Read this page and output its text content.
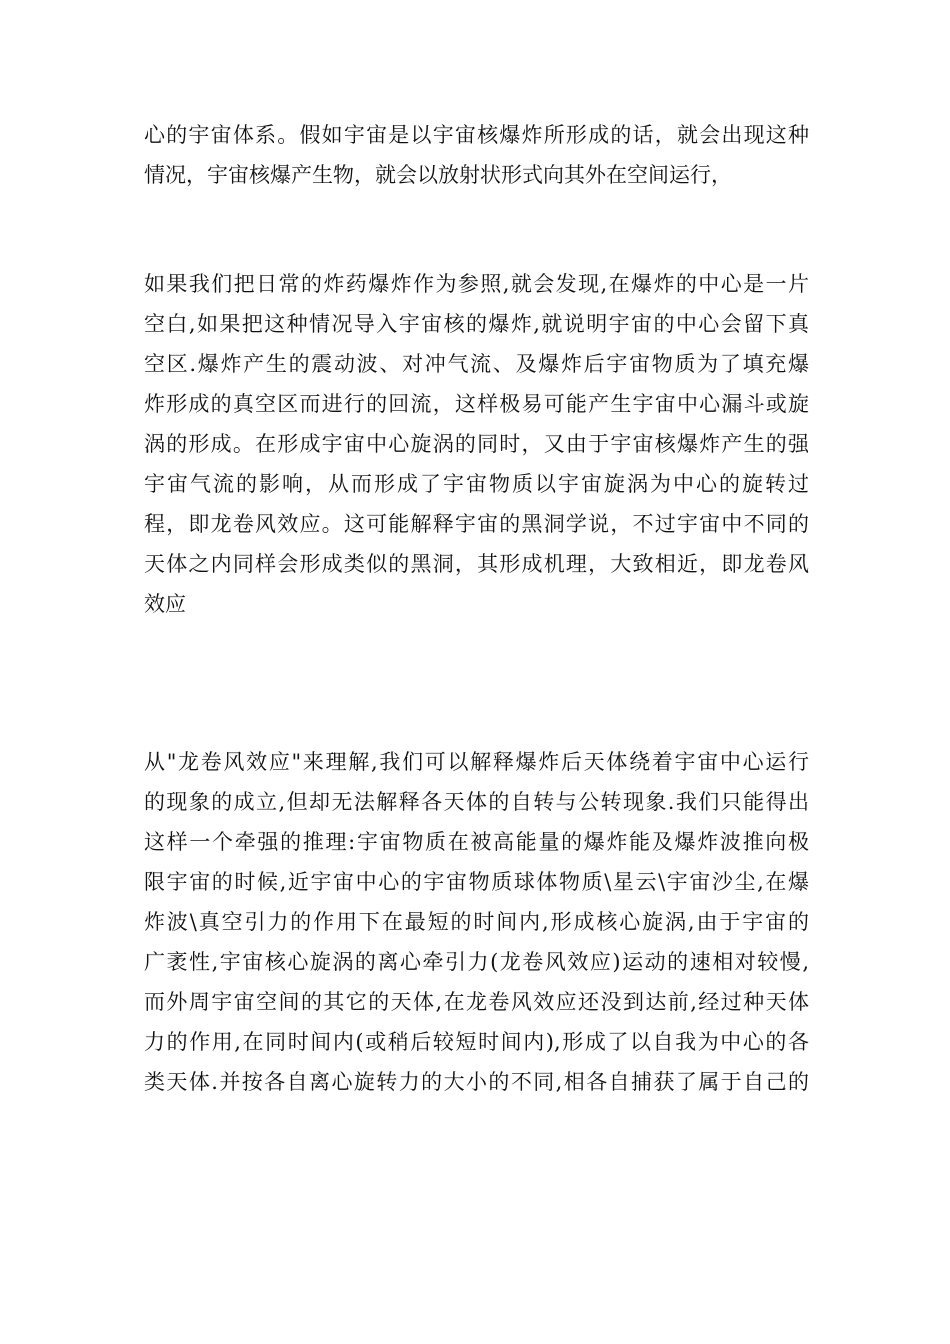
心的宇宙体系。假如宇宙是以宇宙核爆炸所形成的话，就会出现这种
情况，宇宙核爆产生物，就会以放射状形式向其外在空间运行，
如果我们把日常的炸药爆炸作为参照,就会发现,在爆炸的中心是一片
空白,如果把这种情况导入宇宙核的爆炸,就说明宇宙的中心会留下真
空区.爆炸产生的震动波、对冲气流、及爆炸后宇宙物质为了填充爆
炸形成的真空区而进行的回流，这样极易可能产生宇宙中心漏斗或旋
涡的形成。在形成宇宙中心旋涡的同时，又由于宇宙核爆炸产生的强
宇宙气流的影响，从而形成了宇宙物质以宇宙旋涡为中心的旋转过
程，即龙卷风效应。这可能解释宇宙的黑洞学说，不过宇宙中不同的
天体之内同样会形成类似的黑洞，其形成机理，大致相近，即龙卷风
效应
从"龙卷风效应"来理解,我们可以解释爆炸后天体绕着宇宙中心运行
的现象的成立,但却无法解释各天体的自转与公转现象.我们只能得出
这样一个牵强的推理:宇宙物质在被高能量的爆炸能及爆炸波推向极
限宇宙的时候,近宇宙中心的宇宙物质球体物质\星云\宇宙沙尘,在爆
炸波\真空引力的作用下在最短的时间内,形成核心旋涡,由于宇宙的
广袤性,宇宙核心旋涡的离心牵引力(龙卷风效应)运动的速相对较慢,
而外周宇宙空间的其它的天体,在龙卷风效应还没到达前,经过种天体
力的作用,在同时间内(或稍后较短时间内),形成了以自我为中心的各
类天体.并按各自离心旋转力的大小的不同,相各自捕获了属于自己的
